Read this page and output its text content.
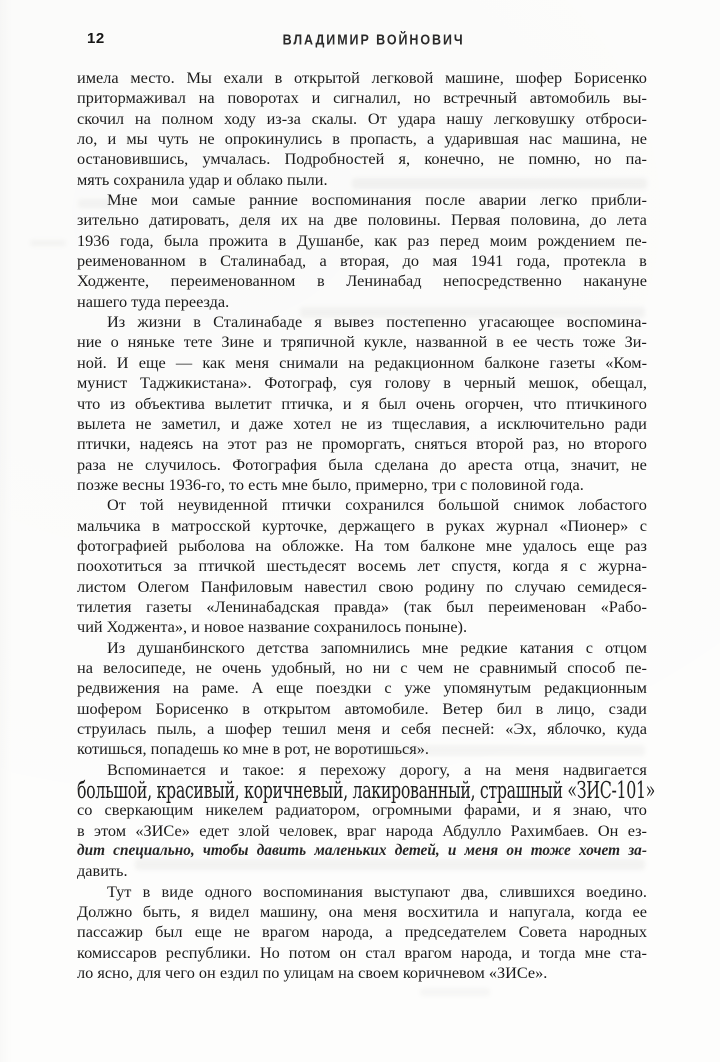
12	ВЛАДИМИР ВОЙНОВИЧ
имела место. Мы ехали в открытой легковой машине, шофер Борисенко
притормаживал на поворотах и сигналил, но встречный автомобиль вы-
скочил на полном ходу из-за скалы. От удара нашу легковушку отброси-
ло, и мы чуть не опрокинулись в пропасть, а ударившая нас машина, не
остановившись, умчалась. Подробностей я, конечно, не помню, но па-
мять сохранила удар и облако пыли.
Мне мои самые ранние воспоминания после аварии легко прибли-
зительно датировать, деля их на две половины. Первая половина, до лета
1936 года, была прожита в Душанбе, как раз перед моим рождением пе-
реименованном в Сталинабад, а вторая, до мая 1941 года, протекла в
Ходженте, переименованном в Ленинабад непосредственно накануне
нашего туда переезда.
Из жизни в Сталинабаде я вывез постепенно угасающее воспомина-
ние о няньке тете Зине и тряпичной кукле, названной в ее честь тоже Зи-
ной. И еще — как меня снимали на редакционном балконе газеты «Ком-
мунист Таджикистана». Фотограф, суя голову в черный мешок, обещал,
что из объектива вылетит птичка, и я был очень огорчен, что птичкиного
вылета не заметил, и даже хотел не из тщеславия, а исключительно ради
птички, надеясь на этот раз не проморгать, сняться второй раз, но второго
раза не случилось. Фотография была сделана до ареста отца, значит, не
позже весны 1936-го, то есть мне было, примерно, три с половиной года.
От той неувиденной птички сохранился большой снимок лобастого
мальчика в матросской курточке, держащего в руках журнал «Пионер» с
фотографией рыболова на обложке. На том балконе мне удалось еще раз
поохотиться за птичкой шестьдесят восемь лет спустя, когда я с журна-
листом Олегом Панфиловым навестил свою родину по случаю семидеся-
тилетия газеты «Ленинабадская правда» (так был переименован «Рабо-
чий Ходжента», и новое название сохранилось поныне).
Из душанбинского детства запомнились мне редкие катания с отцом
на велосипеде, не очень удобный, но ни с чем не сравнимый способ пе-
редвижения на раме. А еще поездки с уже упомянутым редакционным
шофером Борисенко в открытом автомобиле. Ветер бил в лицо, сзади
струилась пыль, а шофер тешил меня и себя песней: «Эх, яблочко, куда
котишься, попадешь ко мне в рот, не воротишься».
Вспоминается и такое: я перехожу дорогу, а на меня надвигается
большой, красивый, коричневый, лакированный, страшный «ЗИС-101»
со сверкающим никелем радиатором, огромными фарами, и я знаю, что
в этом «ЗИСе» едет злой человек, враг народа Абдулло Рахимбаев. Он ез-
дит специально, чтобы давить маленьких детей, и меня он тоже хочет за-
давить.
Тут в виде одного воспоминания выступают два, слившихся воедино.
Должно быть, я видел машину, она меня восхитила и напугала, когда ее
пассажир был еще не врагом народа, а председателем Совета народных
комиссаров республики. Но потом он стал врагом народа, и тогда мне ста-
ло ясно, для чего он ездил по улицам на своем коричневом «ЗИСе».
